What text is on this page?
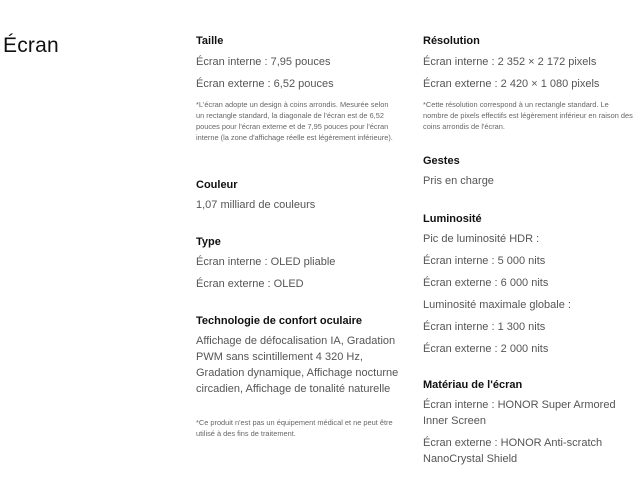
Écran	Taille

Écran interne : 7,95 pouces

Écran externe : 6,52 pouces

*L'écran adopte un design à coins arrondis. Mesurée selon un rectangle standard, la diagonale de l'écran est de 6,52 pouces pour l'écran externe et de 7,95 pouces pour l'écran interne (la zone d'affichage réelle est légèrement inférieure).

Couleur

1,07 milliard de couleurs

Type

Écran interne : OLED pliable

Écran externe : OLED

Technologie de confort oculaire

Affichage de défocalisation IA, Gradation PWM sans scintillement 4 320 Hz, Gradation dynamique, Affichage nocturne circadien, Affichage de tonalité naturelle

*Ce produit n'est pas un équipement médical et ne peut être utilisé à des fins de traitement.

Résolution

Écran interne : 2 352 × 2 172 pixels

Écran externe : 2 420 × 1 080 pixels

*Cette résolution correspond à un rectangle standard. Le nombre de pixels effectifs est légèrement inférieur en raison des coins arrondis de l'écran.

Gestes

Pris en charge

Luminosité

Pic de luminosité HDR :

Écran interne : 5 000 nits

Écran externe : 6 000 nits

Luminosité maximale globale :

Écran interne : 1 300 nits

Écran externe : 2 000 nits

Matériau de l'écran

Écran interne : HONOR Super Armored Inner Screen

Écran externe : HONOR Anti-scratch NanoCrystal Shield
